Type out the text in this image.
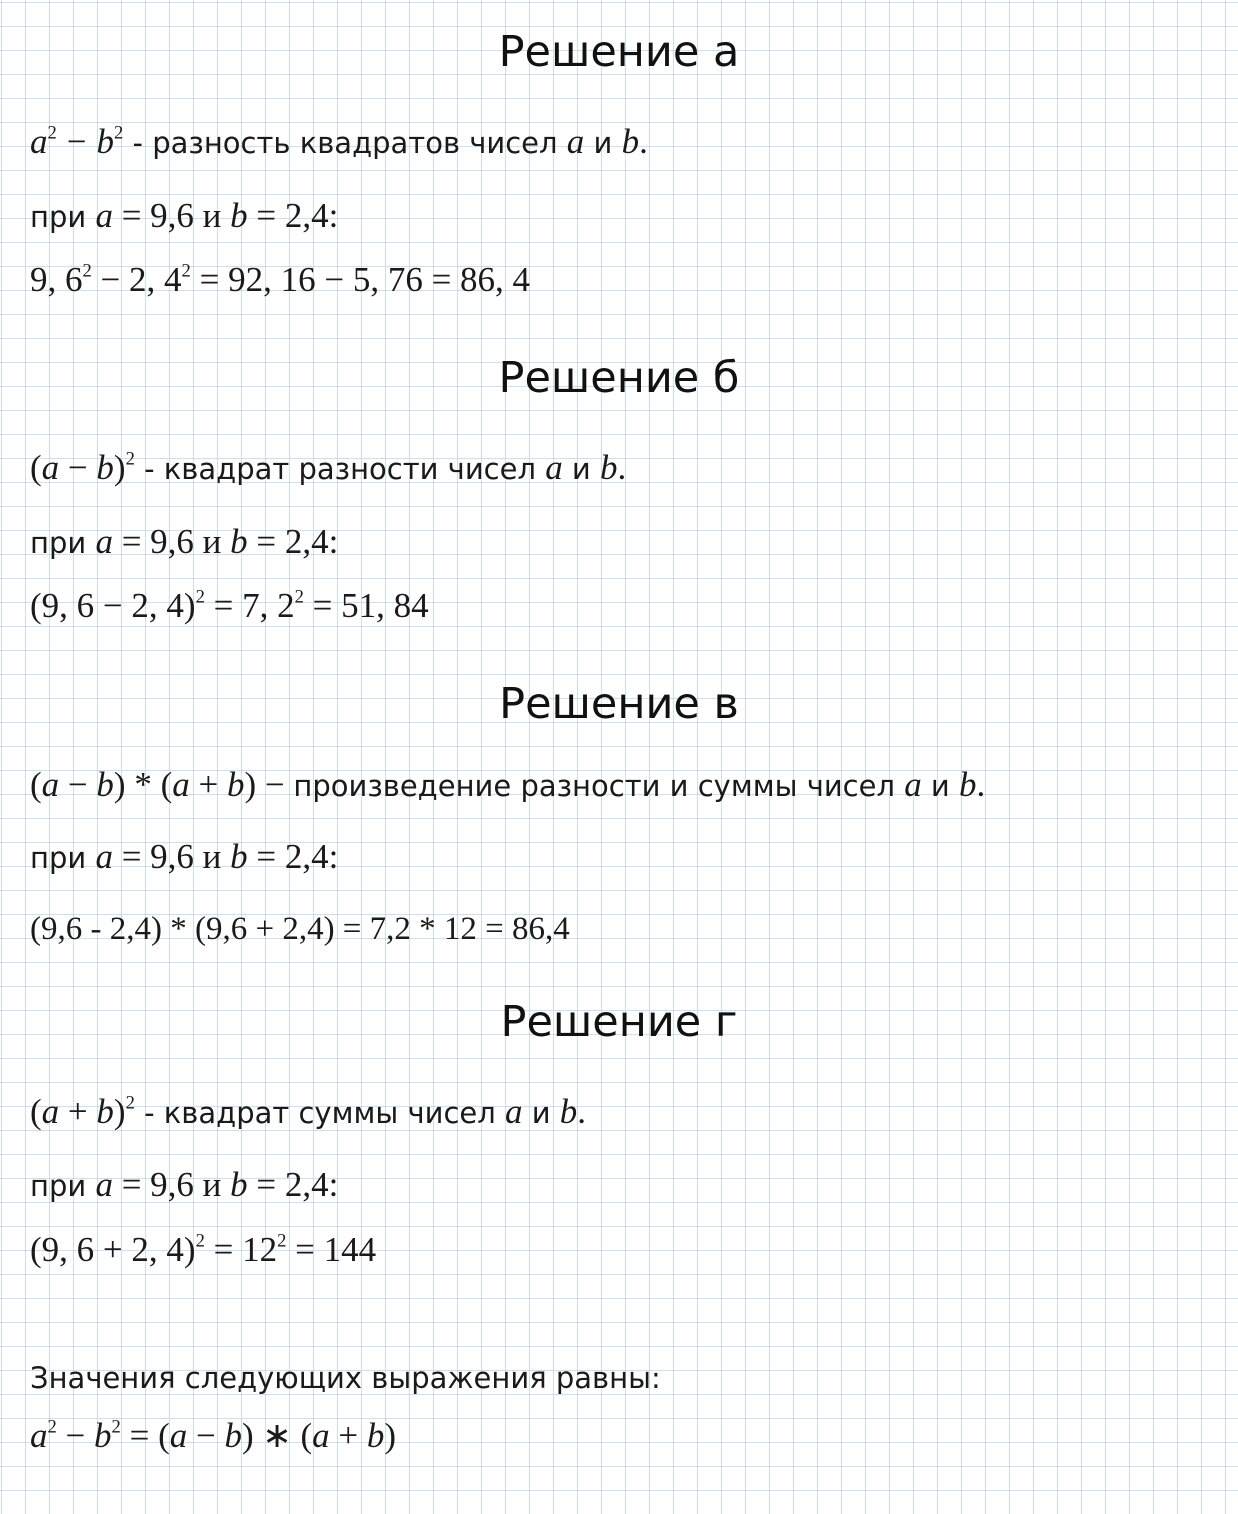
Решение а
$a^2 - b^2$ - разность квадратов чисел a и b.
при a = 9,6 и b = 2,4:
9, $6^2 - 2$, $4^2 = 92$, 16 − 5, 76 = 86, 4
Решение б
$(a - b)^2$ - квадрат разности чисел a и b.
при a = 9,6 и b = 2,4:
(9, 6 − 2, 4)$^2$ = 7, $2^2 = 51$, 84
Решение в
(a − b) * (a + b) − произведение разности и суммы чисел a и b.
при a = 9,6 и b = 2,4:
(9,6 - 2,4) * (9,6 + 2,4) = 7,2 * 12 = 86,4
Решение г
$(a + b)^2$ - квадрат суммы чисел a и b.
при a = 9,6 и b = 2,4:
(9, 6 + 2, $4)^2 = 12^2 = 144$
Значения следующих выражения равны:
$a^2 - b^2 = (a - b)$ ∗ (a + b)
